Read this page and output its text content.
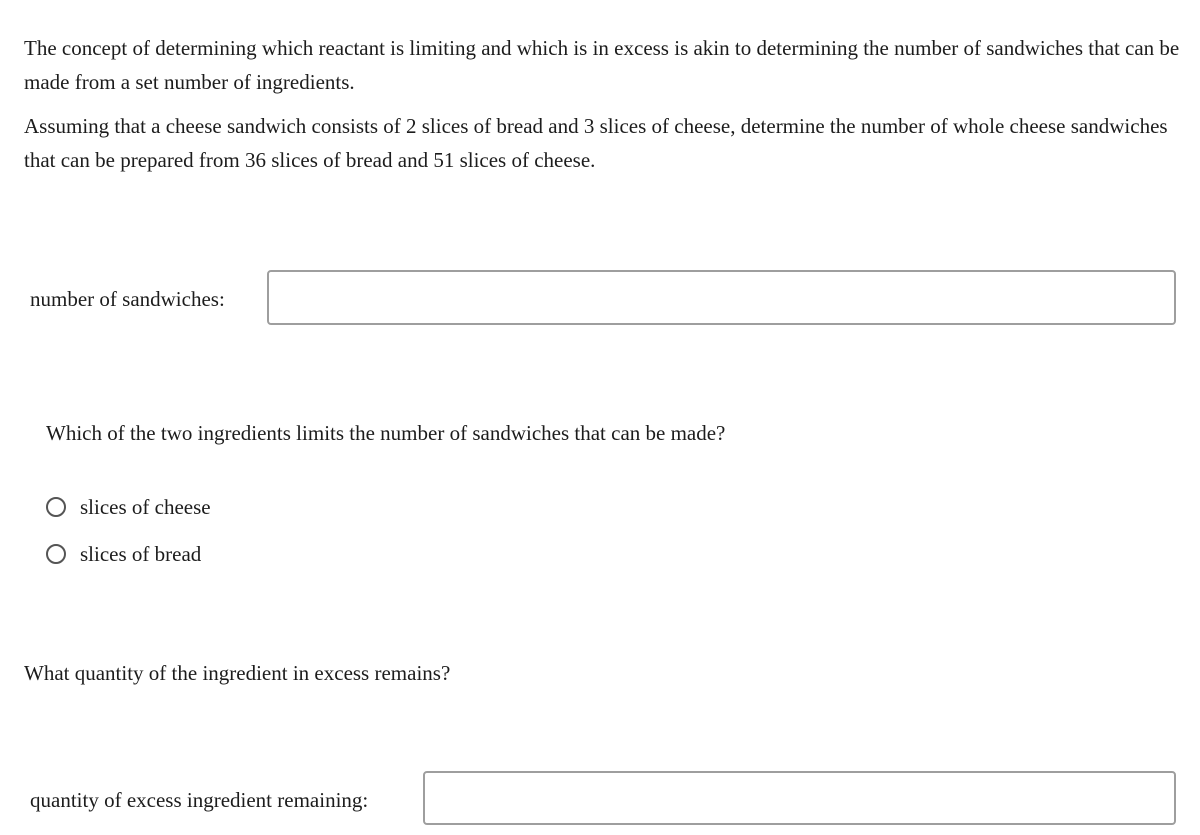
The concept of determining which reactant is limiting and which is in excess is akin to determining the number of sandwiches that can be made from a set number of ingredients.

Assuming that a cheese sandwich consists of 2 slices of bread and 3 slices of cheese, determine the number of whole cheese sandwiches that can be prepared from 36 slices of bread and 51 slices of cheese.

number of sandwiches:
Which of the two ingredients limits the number of sandwiches that can be made?
slices of cheese
slices of bread
What quantity of the ingredient in excess remains?
quantity of excess ingredient remaining:
